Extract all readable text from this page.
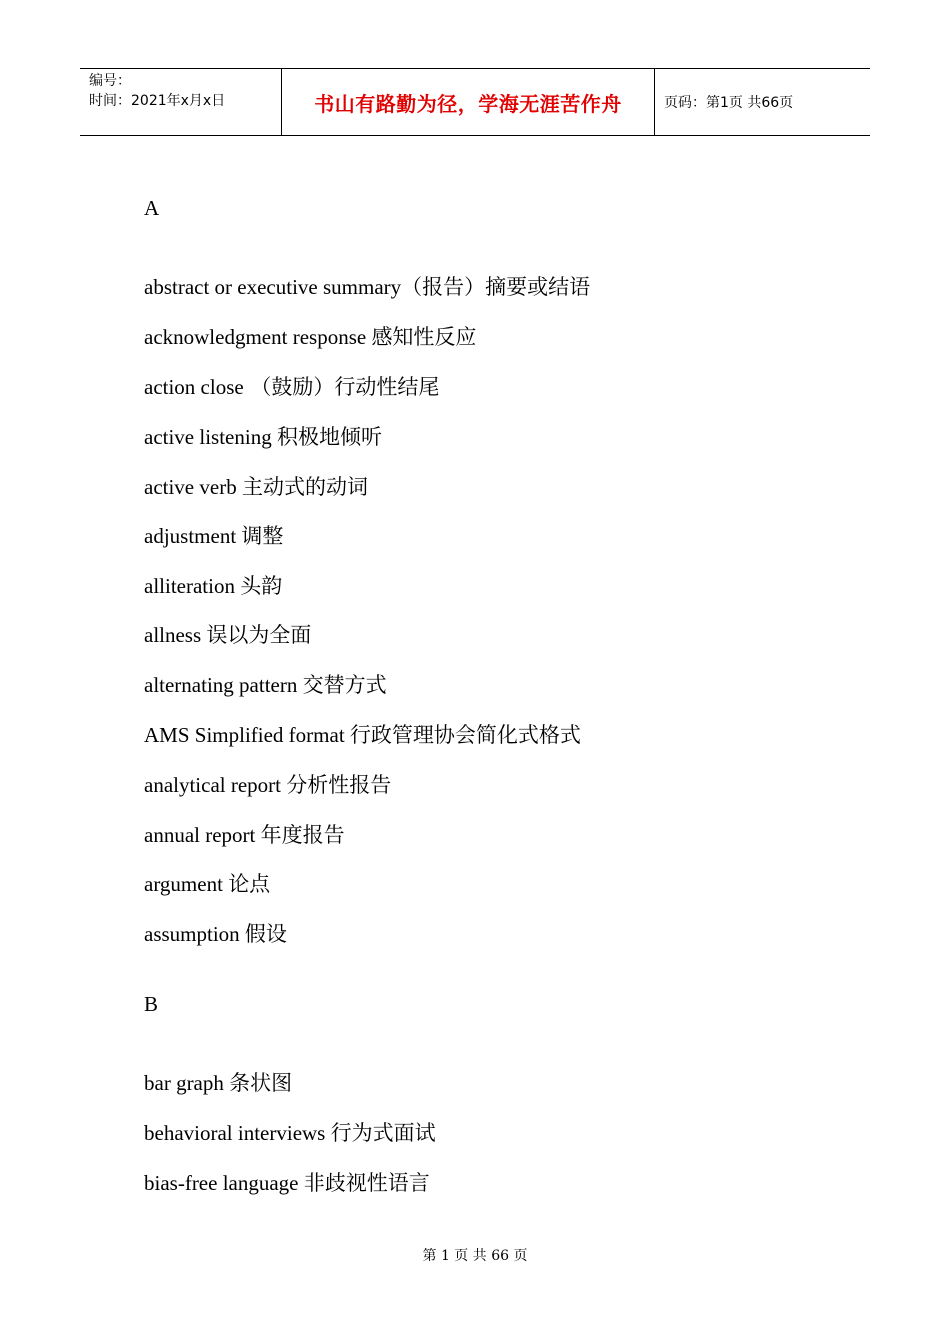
编号：
时间：2021年x月x日	书山有路勤为径，学海无涯苦作舟	页码：第1页 共66页
A
abstract or executive summary（报告）摘要或结语
acknowledgment response 感知性反应
action close （鼓励）行动性结尾
active listening 积极地倾听
active verb 主动式的动词
adjustment 调整
alliteration 头韵
allness 误以为全面
alternating pattern 交替方式
AMS Simplified format 行政管理协会简化式格式
analytical report 分析性报告
annual report 年度报告
argument 论点
assumption 假设
B
bar graph 条状图
behavioral interviews 行为式面试
bias-free language 非歧视性语言
第 1 页 共 66 页
